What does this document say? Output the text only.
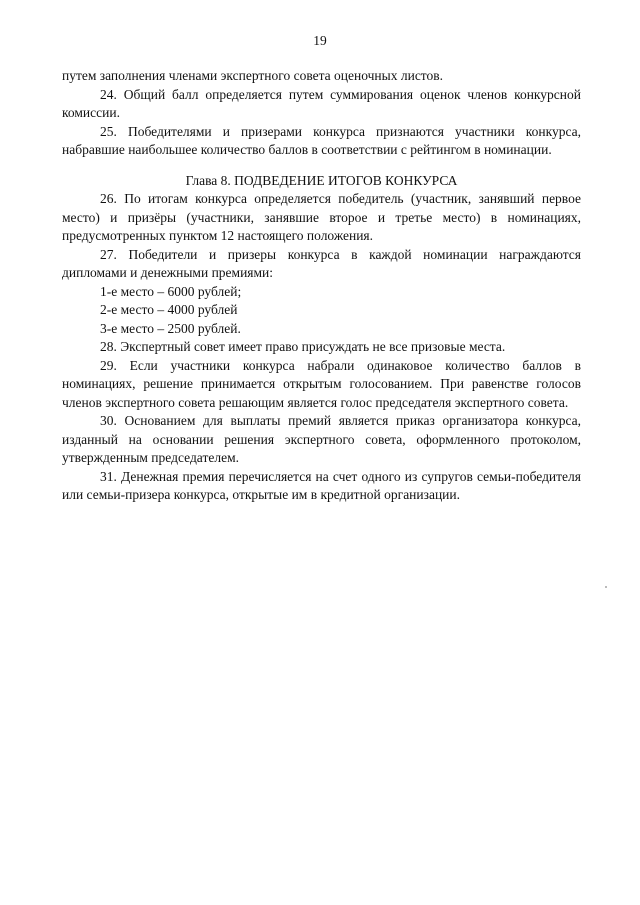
19

путем заполнения членами экспертного совета оценочных листов.

24. Общий балл определяется путем суммирования оценок членов конкурсной комиссии.

25. Победителями и призерами конкурса признаются участники конкурса, набравшие наибольшее количество баллов в соответствии с рейтингом в номинации.

Глава 8. ПОДВЕДЕНИЕ ИТОГОВ КОНКУРСА

26. По итогам конкурса определяется победитель (участник, занявший первое место) и призёры (участники, занявшие второе и третье место) в номинациях, предусмотренных пунктом 12 настоящего положения.

27. Победители и призеры конкурса в каждой номинации награждаются дипломами и денежными премиями:

1-е место – 6000 рублей;

2-е место – 4000 рублей

3-е место – 2500 рублей.

28. Экспертный совет имеет право присуждать не все призовые места.

29. Если участники конкурса набрали одинаковое количество баллов в номинациях, решение принимается открытым голосованием. При равенстве голосов членов экспертного совета решающим является голос председателя экспертного совета.

30. Основанием для выплаты премий является приказ организатора конкурса, изданный на основании решения экспертного совета, оформленного протоколом, утвержденным председателем.

31. Денежная премия перечисляется на счет одного из супругов семьи-победителя или семьи-призера конкурса, открытые им в кредитной организации.
